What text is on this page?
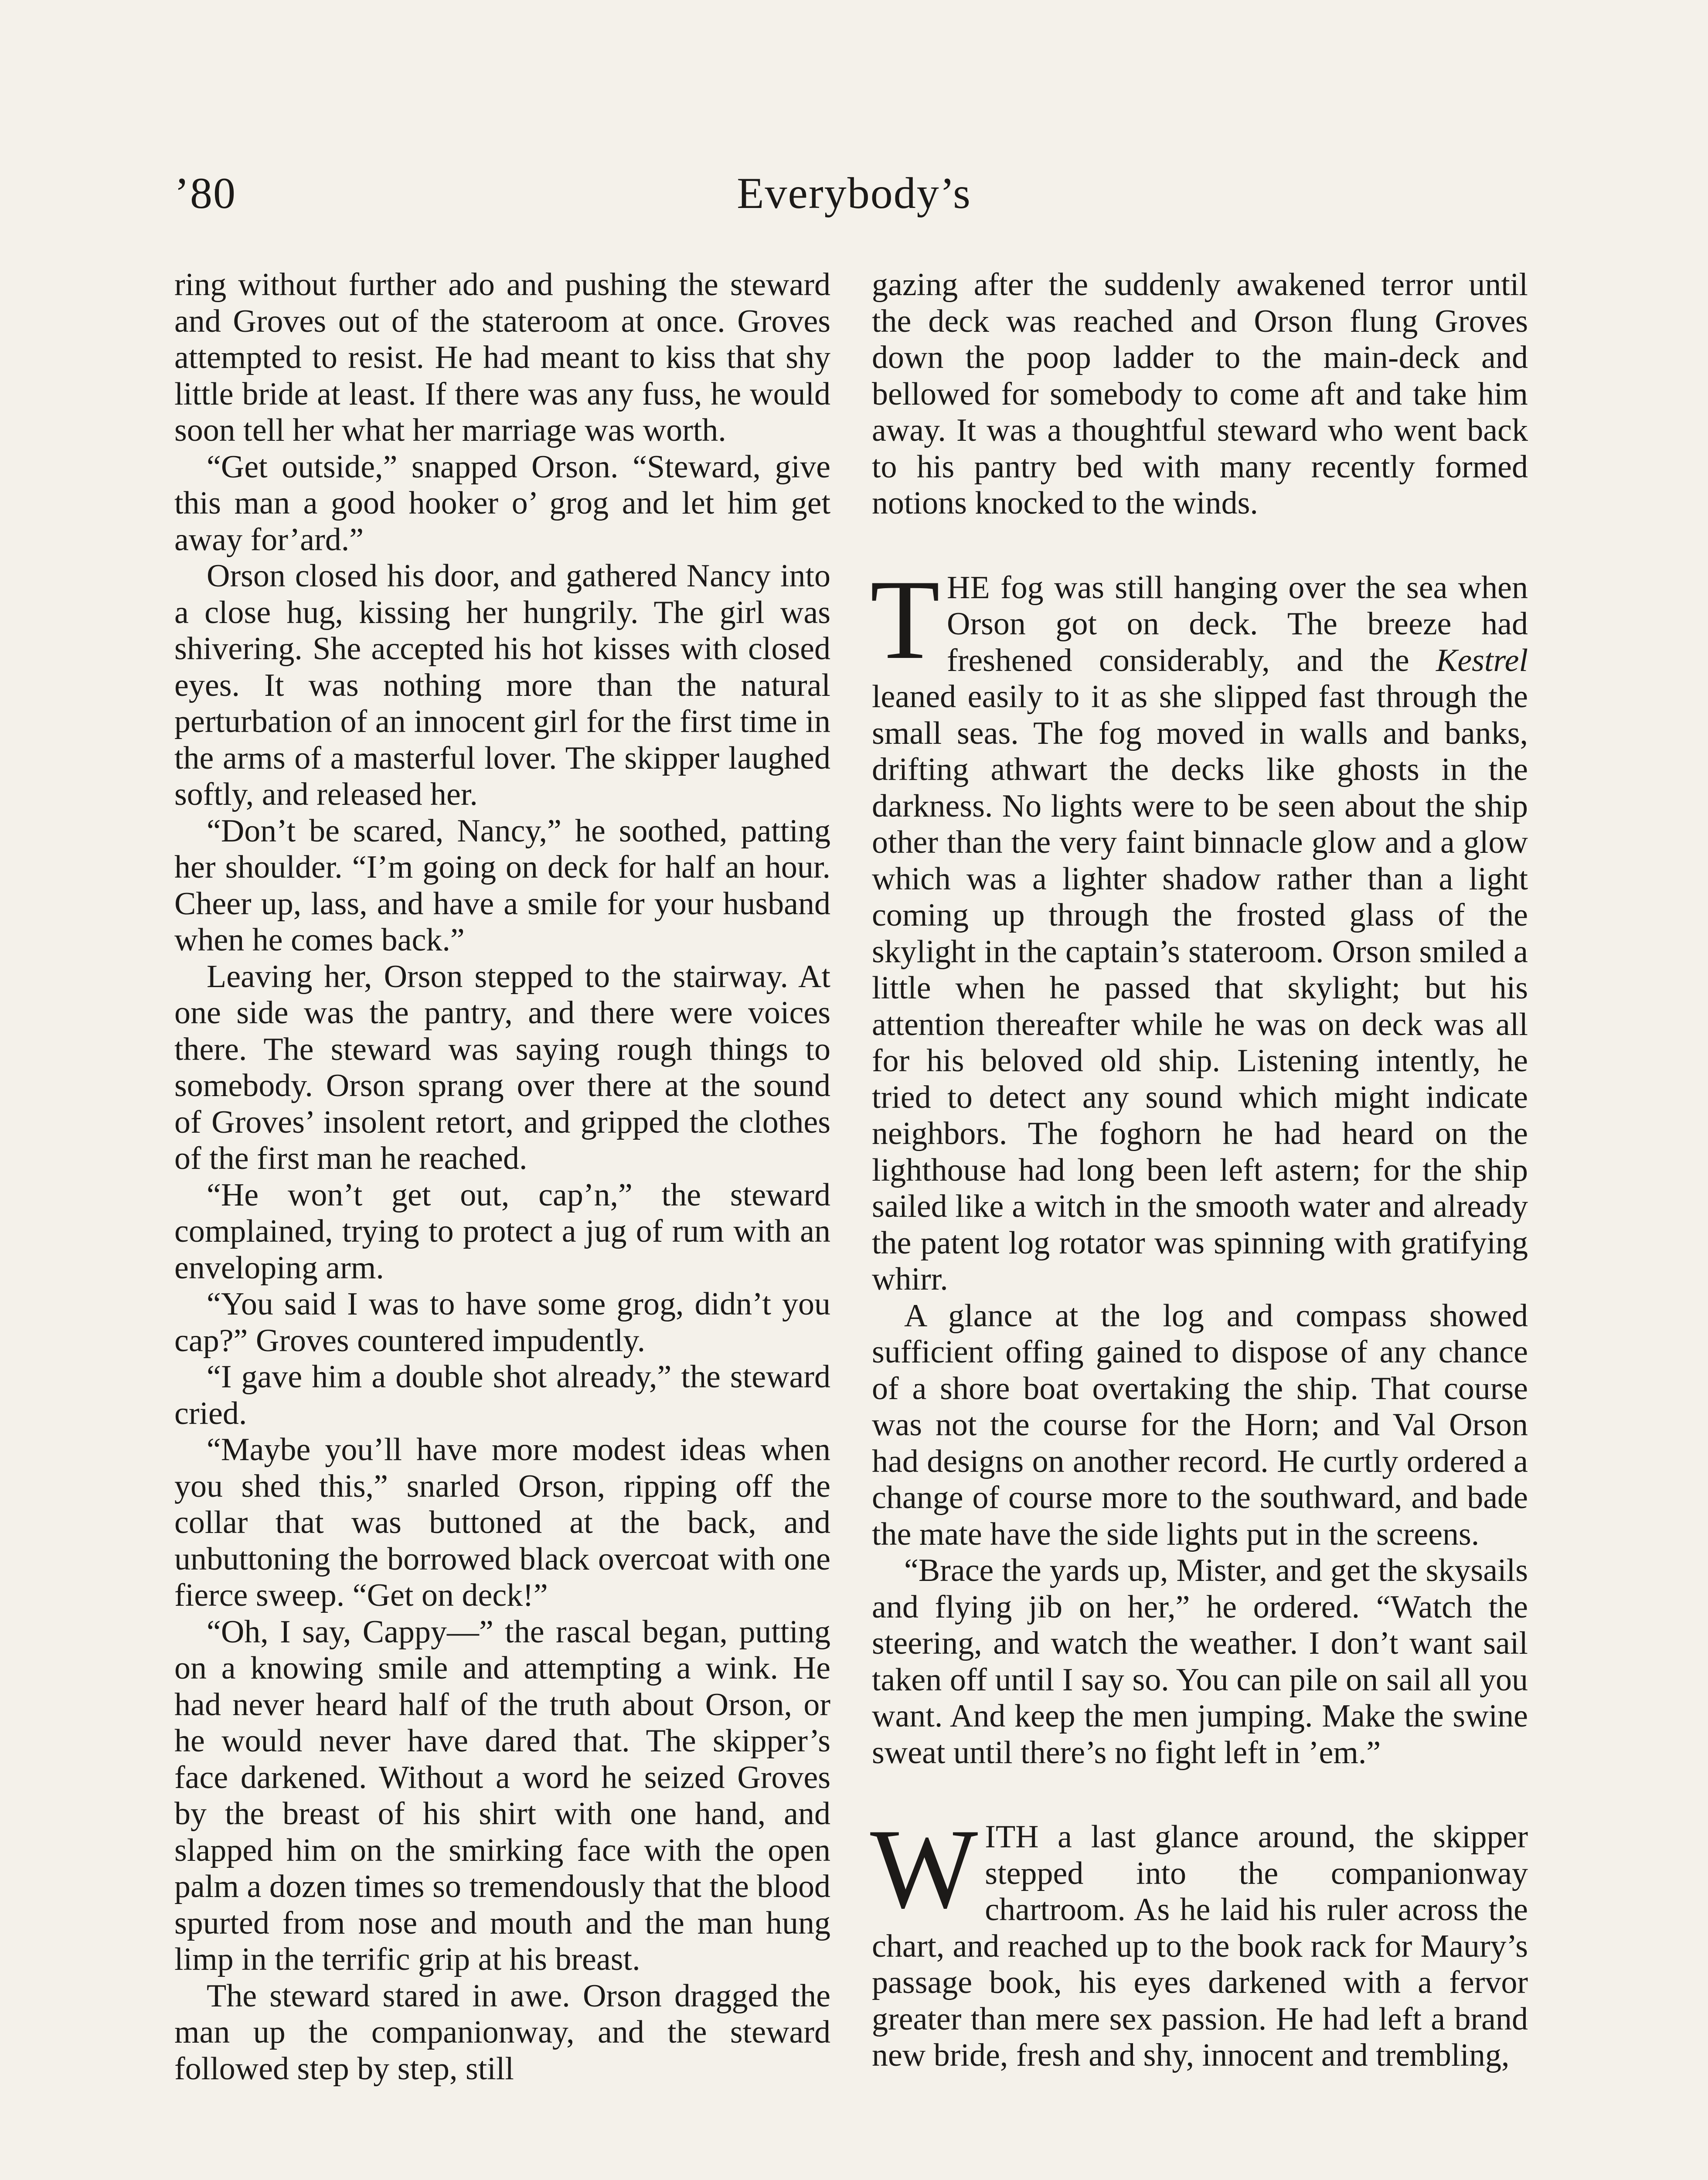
’80	Everybody’s

ring without further ado and pushing the steward and Groves out of the stateroom at once. Groves attempted to resist. He had meant to kiss that shy little bride at least. If there was any fuss, he would soon tell her what her marriage was worth.

“Get outside,” snapped Orson. “Steward, give this man a good hooker o’ grog and let him get away for’ard.”

Orson closed his door, and gathered Nancy into a close hug, kissing her hungrily. The girl was shivering. She accepted his hot kisses with closed eyes. It was nothing more than the natural perturbation of an innocent girl for the first time in the arms of a masterful lover. The skipper laughed softly, and released her.

“Don’t be scared, Nancy,” he soothed, patting her shoulder. “I’m going on deck for half an hour. Cheer up, lass, and have a smile for your husband when he comes back.”

Leaving her, Orson stepped to the stairway. At one side was the pantry, and there were voices there. The steward was saying rough things to somebody. Orson sprang over there at the sound of Groves’ insolent retort, and gripped the clothes of the first man he reached.

“He won’t get out, cap’n,” the steward complained, trying to protect a jug of rum with an enveloping arm.

“You said I was to have some grog, didn’t you cap?” Groves countered impudently.

“I gave him a double shot already,” the steward cried.

“Maybe you’ll have more modest ideas when you shed this,” snarled Orson, ripping off the collar that was buttoned at the back, and unbuttoning the borrowed black overcoat with one fierce sweep. “Get on deck!”

“Oh, I say, Cappy—” the rascal began, putting on a knowing smile and attempting a wink. He had never heard half of the truth about Orson, or he would never have dared that. The skipper’s face darkened. Without a word he seized Groves by the breast of his shirt with one hand, and slapped him on the smirking face with the open palm a dozen times so tremendously that the blood spurted from nose and mouth and the man hung limp in the terrific grip at his breast.

The steward stared in awe. Orson dragged the man up the companionway, and the steward followed step by step, still

gazing after the suddenly awakened terror until the deck was reached and Orson flung Groves down the poop ladder to the main-deck and bellowed for somebody to come aft and take him away. It was a thoughtful steward who went back to his pantry bed with many recently formed notions knocked to the winds.

THE fog was still hanging over the sea when Orson got on deck. The breeze had freshened considerably, and the Kestrel leaned easily to it as she slipped fast through the small seas. The fog moved in walls and banks, drifting athwart the decks like ghosts in the darkness. No lights were to be seen about the ship other than the very faint binnacle glow and a glow which was a lighter shadow rather than a light coming up through the frosted glass of the skylight in the captain’s stateroom. Orson smiled a little when he passed that skylight; but his attention thereafter while he was on deck was all for his beloved old ship. Listening intently, he tried to detect any sound which might indicate neighbors. The foghorn he had heard on the lighthouse had long been left astern; for the ship sailed like a witch in the smooth water and already the patent log rotator was spinning with gratifying whirr.

A glance at the log and compass showed sufficient offing gained to dispose of any chance of a shore boat overtaking the ship. That course was not the course for the Horn; and Val Orson had designs on another record. He curtly ordered a change of course more to the southward, and bade the mate have the side lights put in the screens.

“Brace the yards up, Mister, and get the skysails and flying jib on her,” he ordered. “Watch the steering, and watch the weather. I don’t want sail taken off until I say so. You can pile on sail all you want. And keep the men jumping. Make the swine sweat until there’s no fight left in ’em.”

WITH a last glance around, the skipper stepped into the companionway chartroom. As he laid his ruler across the chart, and reached up to the book rack for Maury’s passage book, his eyes darkened with a fervor greater than mere sex passion. He had left a brand new bride, fresh and shy, innocent and trembling,
